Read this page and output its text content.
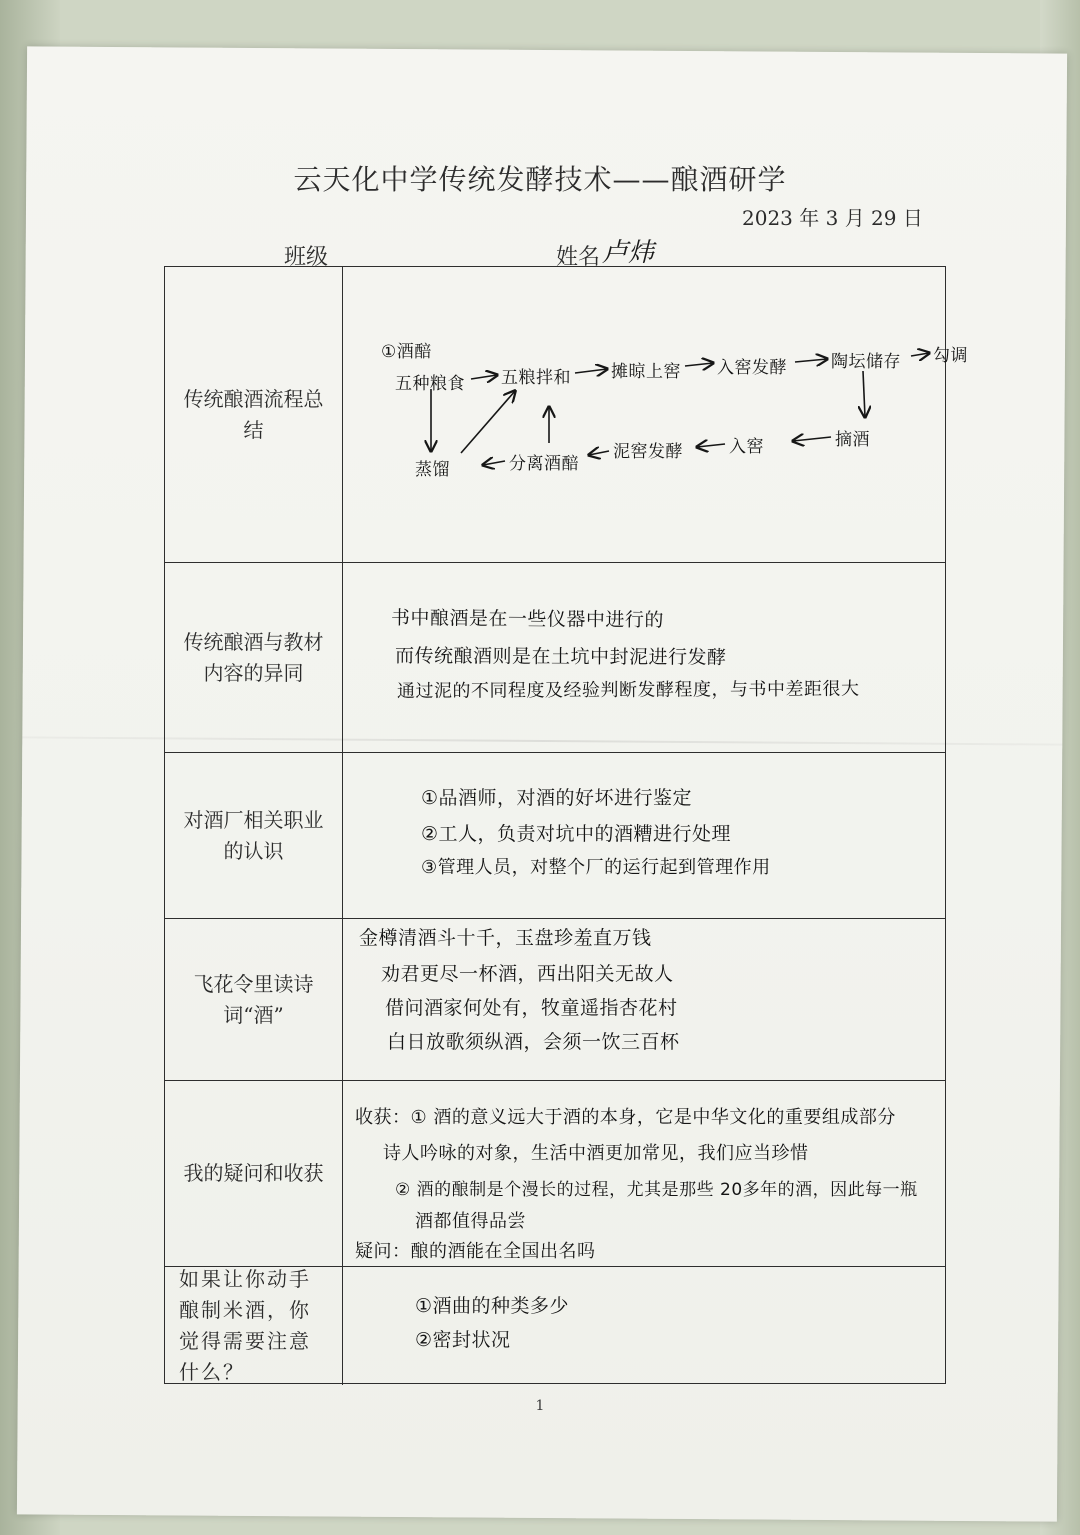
云天化中学传统发酵技术——酿酒研学
2023 年 3 月 29 日
班级	姓名 卢炜
传统酿酒流程总结
①酒醅
五种粮食 五粮拌和 摊晾上窖 入窖发酵	陶坛储存 勾调
摘酒
入窖
泥窖发酵
分离酒醅
蒸馏
传统酿酒与教材内容的异同
书中酿酒是在一些仪器中进行的
而传统酿酒则是在土坑中封泥进行发酵
通过泥的不同程度及经验判断发酵程度，与书中差距很大
对酒厂相关职业的认识
①品酒师，对酒的好坏进行鉴定
②工人，负责对坑中的酒糟进行处理
③管理人员，对整个厂的运行起到管理作用
飞花令里读诗词“酒”
金樽清酒斗十千，玉盘珍羞直万钱
劝君更尽一杯酒，西出阳关无故人
借问酒家何处有，牧童遥指杏花村
白日放歌须纵酒，会须一饮三百杯
我的疑问和收获
收获：① 酒的意义远大于酒的本身，它是中华文化的重要组成部分
诗人吟咏的对象，生活中酒更加常见，我们应当珍惜
② 酒的酿制是个漫长的过程，尤其是那些 20多年的酒，因此每一瓶
酒都值得品尝
疑问：酿的酒能在全国出名吗
如果让你动手酿制米酒，你觉得需要注意什么？
①酒曲的种类多少
②密封状况
1
